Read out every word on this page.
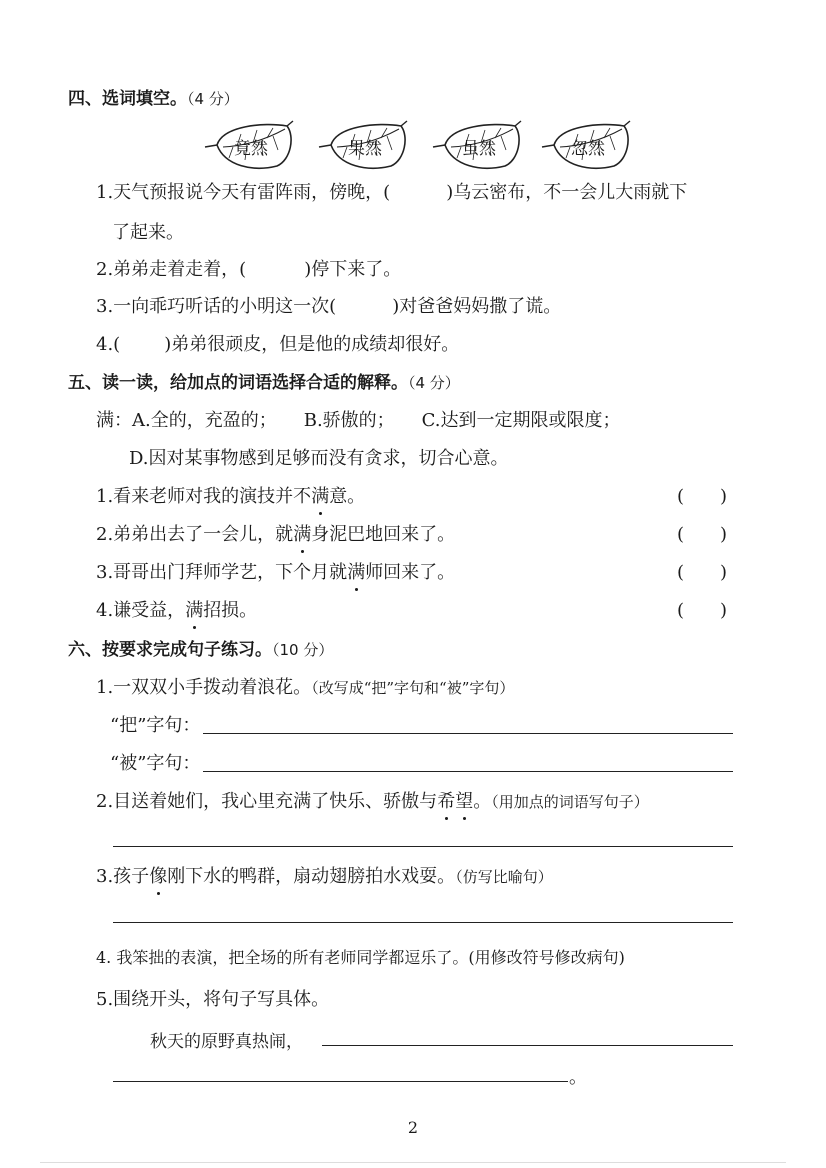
四、选词填空。（4 分）
竟然	果然	虽然	忽然
1.天气预报说今天有雷阵雨，傍晚，(	)乌云密布，不一会儿大雨就下
了起来。
2.弟弟走着走着，(	)停下来了。
3.一向乖巧听话的小明这一次(	)对爸爸妈妈撒了谎。
4.( )弟弟很顽皮，但是他的成绩却很好。
五、读一读，给加点的词语选择合适的解释。（4 分）
满：A.全的，充盈的；　　B.骄傲的；　　C.达到一定期限或限度；
D.因对某事物感到足够而没有贪求，切合心意。
1.看来老师对我的演技并不满意。	(　　)
2.弟弟出去了一会儿，就满身泥巴地回来了。	(　　)
3.哥哥出门拜师学艺，下个月就满师回来了。	(　　)
4.谦受益，满招损。	(　　)
六、按要求完成句子练习。（10 分）
1.一双双小手拨动着浪花。（改写成“把”字句和“被”字句）
“把”字句：
“被”字句：
2.目送着她们，我心里充满了快乐、骄傲与希望。（用加点的词语写句子）
3.孩子像刚下水的鸭群，扇动翅膀拍水戏耍。（仿写比喻句）
4. 我笨拙的表演，把全场的所有老师同学都逗乐了。(用修改符号修改病句)
5.围绕开头，将句子写具体。
秋天的原野真热闹，
。
2
